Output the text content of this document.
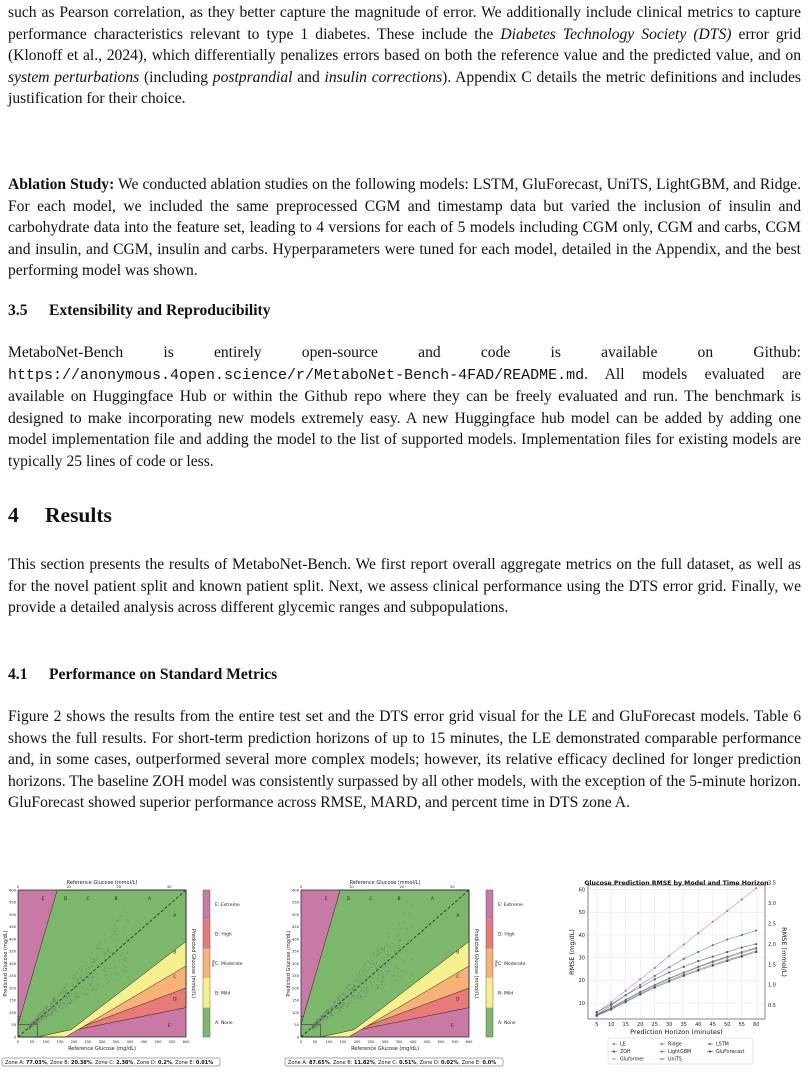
such as Pearson correlation, as they better capture the magnitude of error. We additionally include clinical metrics to capture performance characteristics relevant to type 1 diabetes. These include the Diabetes Technology Society (DTS) error grid (Klonoff et al., 2024), which differentially penalizes errors based on both the reference value and the predicted value, and on system perturbations (including postprandial and insulin corrections). Appendix C details the metric definitions and includes justification for their choice.

Ablation Study: We conducted ablation studies on the following models: LSTM, GluForecast, UniTS, LightGBM, and Ridge. For each model, we included the same preprocessed CGM and timestamp data but varied the inclusion of insulin and carbohydrate data into the feature set, leading to 4 versions for each of 5 models including CGM only, CGM and carbs, CGM and insulin, and CGM, insulin and carbs. Hyperparameters were tuned for each model, detailed in the Appendix, and the best performing model was shown.

3.5 Extensibility and Reproducibility

MetaboNet-Bench is entirely open-source and code is available on Github: https://anonymous.4open.science/r/MetaboNet-Bench-4FAD/README.md. All models evaluated are available on Huggingface Hub or within the Github repo where they can be freely evaluated and run. The benchmark is designed to make incorporating new models extremely easy. A new Huggingface hub model can be added by adding one model implementation file and adding the model to the list of supported models. Implementation files for existing models are typically 25 lines of code or less.

4 Results

This section presents the results of MetaboNet-Bench. We first report overall aggregate metrics on the full dataset, as well as for the novel patient split and known patient split. Next, we assess clinical performance using the DTS error grid. Finally, we provide a detailed analysis across different glycemic ranges and subpopulations.

4.1 Performance on Standard Metrics

Figure 2 shows the results from the entire test set and the DTS error grid visual for the LE and GluForecast models. Table 6 shows the full results. For short-term prediction horizons of up to 15 minutes, the LE demonstrated comparable performance and, in some cases, outperformed several more complex models; however, its relative efficacy declined for longer prediction horizons. The baseline ZOH model was consistently surpassed by all other models, with the exception of the 5-minute horizon. GluForecast showed superior performance across RMSE, MARD, and percent time in DTS zone A.

E	D	C	B	A
A
B
C
D
E
0
0
50
50
100
100
150
150
200
200
250
250
300
300
350
350
400
400
450
450
500
500
550
550
600
600
0	10	20	30
Reference Glucose (mmol/L)
Reference Glucose (mg/dL)
Predicted Glucose (mg/dL)	Predicted Glucose (mmol/L)
E: Extreme
D: High
C: Moderate
B: Mild
A: None
Risk
Zone A: 77.03%, Zone B: 20.38%, Zone C: 2.38%, Zone D: 0.2%, Zone E: 0.01%
E	D	C	B	A
A
B
C
D
E
0
0
50
50
100
100
150
150
200
200
250
250
300
300
350
350
400
400
450
450
500
500
550
550
600
600
0	10	20	30
Reference Glucose (mmol/L)
Reference Glucose (mg/dL)
Predicted Glucose (mg/dL)	Predicted Glucose (mmol/L)
E: Extreme
D: High
C: Moderate
B: Mild
A: None
Risk
Zone A: 87.65%, Zone B: 11.82%, Zone C: 0.51%, Zone D: 0.02%, Zone E: 0.0%
Glucose Prediction RMSE by Model and Time Horizon
5 10 15 20 25 30 35 40 45 50 55 60
10
20
30
40
50
60
0.5
1.0
1.5
2.0
2.5
3.0
3.5
Prediction Horizon (minutes)
RMSE (mg/dL)	RMSE (mmol/L)
LE
ZOH
Gluformer
Ridge
LightGBM
UniTS
LSTM
GluForecast
